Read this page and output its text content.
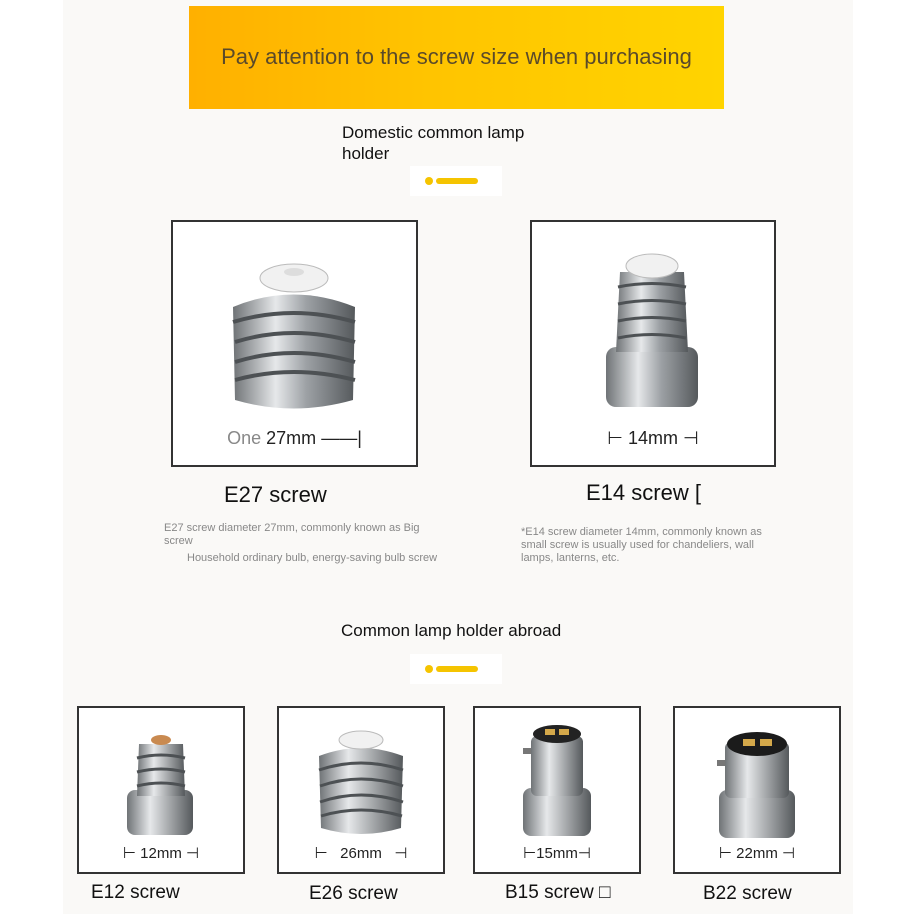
Pay attention to the screw size when purchasing
Domestic common lamp holder
One 27mm ——|
E27 screw
E27 screw diameter 27mm, commonly known as Big screw
Household ordinary bulb, energy-saving bulb screw
⊢ 14mm ⊣
E14 screw [
*E14 screw diameter 14mm, commonly known as small screw is usually used for chandeliers, wall lamps, lanterns, etc.
Common lamp holder abroad
⊢ 12mm ⊣
E12 screw
⊢   26mm   ⊣
E26 screw
⊢15mm⊣
B15 screw □
⊢ 22mm ⊣
B22 screw
